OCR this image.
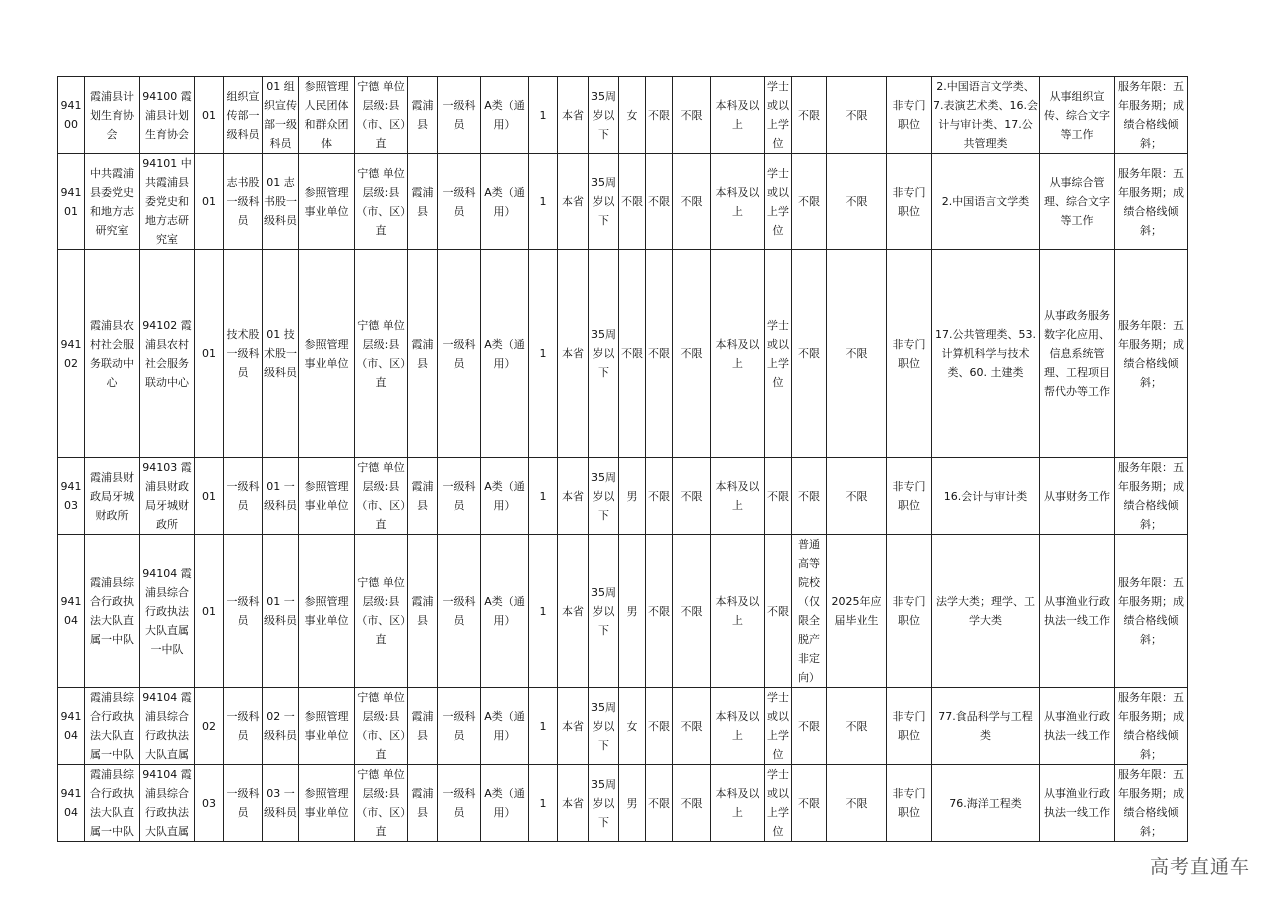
94100	霞浦县计划生育协会	94100 霞浦县计划生育协会	01	组织宣传部一级科员	01 组织宣传部一级科员	参照管理人民团体和群众团体	宁德 单位层级:县（市、区）直	霞浦县	一级科员	A类（通用）	1	本省	35周岁以下	女	不限	不限	本科及以上	学士或以上学位	不限	不限	非专门职位	2.中国语言文学类、7.表演艺术类、16.会计与审计类、17.公共管理类	从事组织宣传、综合文字等工作	服务年限：五年服务期；成绩合格线倾斜；
94101	中共霞浦县委党史和地方志研究室	94101 中共霞浦县委党史和地方志研究室	01	志书股一级科员	01 志书股一级科员	参照管理事业单位	宁德 单位层级:县（市、区）直	霞浦县	一级科员	A类（通用）	1	本省	35周岁以下	不限	不限	不限	本科及以上	学士或以上学位	不限	不限	非专门职位	2.中国语言文学类	从事综合管理、综合文字等工作	服务年限：五年服务期；成绩合格线倾斜；
94102	霞浦县农村社会服务联动中心	94102 霞浦县农村社会服务联动中心	01	技术股一级科员	01 技术股一级科员	参照管理事业单位	宁德 单位层级:县（市、区）直	霞浦县	一级科员	A类（通用）	1	本省	35周岁以下	不限	不限	不限	本科及以上	学士或以上学位	不限	不限	非专门职位	17.公共管理类、53.计算机科学与技术类、60. 土建类	从事政务服务数字化应用、信息系统管理、工程项目帮代办等工作	服务年限：五年服务期；成绩合格线倾斜；
94103	霞浦县财政局牙城财政所	94103 霞浦县财政局牙城财政所	01	一级科员	01 一级科员	参照管理事业单位	宁德 单位层级:县（市、区）直	霞浦县	一级科员	A类（通用）	1	本省	35周岁以下	男	不限	不限	本科及以上	不限	不限	不限	非专门职位	16.会计与审计类	从事财务工作	服务年限：五年服务期；成绩合格线倾斜；
94104	霞浦县综合行政执法大队直属一中队	94104 霞浦县综合行政执法大队直属一中队	01	一级科员	01 一级科员	参照管理事业单位	宁德 单位层级:县（市、区）直	霞浦县	一级科员	A类（通用）	1	本省	35周岁以下	男	不限	不限	本科及以上	不限	普通高等院校（仅限全脱产非定向）	2025年应届毕业生	非专门职位	法学大类；理学、工学大类	从事渔业行政执法一线工作	服务年限：五年服务期；成绩合格线倾斜；
94104	霞浦县综合行政执法大队直属一中队	94104 霞浦县综合行政执法大队直属	02	一级科员	02 一级科员	参照管理事业单位	宁德 单位层级:县（市、区）直	霞浦县	一级科员	A类（通用）	1	本省	35周岁以下	女	不限	不限	本科及以上	学士或以上学位	不限	不限	非专门职位	77.食品科学与工程类	从事渔业行政执法一线工作	服务年限：五年服务期；成绩合格线倾斜；
94104	霞浦县综合行政执法大队直属一中队	94104 霞浦县综合行政执法大队直属	03	一级科员	03 一级科员	参照管理事业单位	宁德 单位层级:县（市、区）直	霞浦县	一级科员	A类（通用）	1	本省	35周岁以下	男	不限	不限	本科及以上	学士或以上学位	不限	不限	非专门职位	76.海洋工程类	从事渔业行政执法一线工作	服务年限：五年服务期；成绩合格线倾斜；
高考直通车
